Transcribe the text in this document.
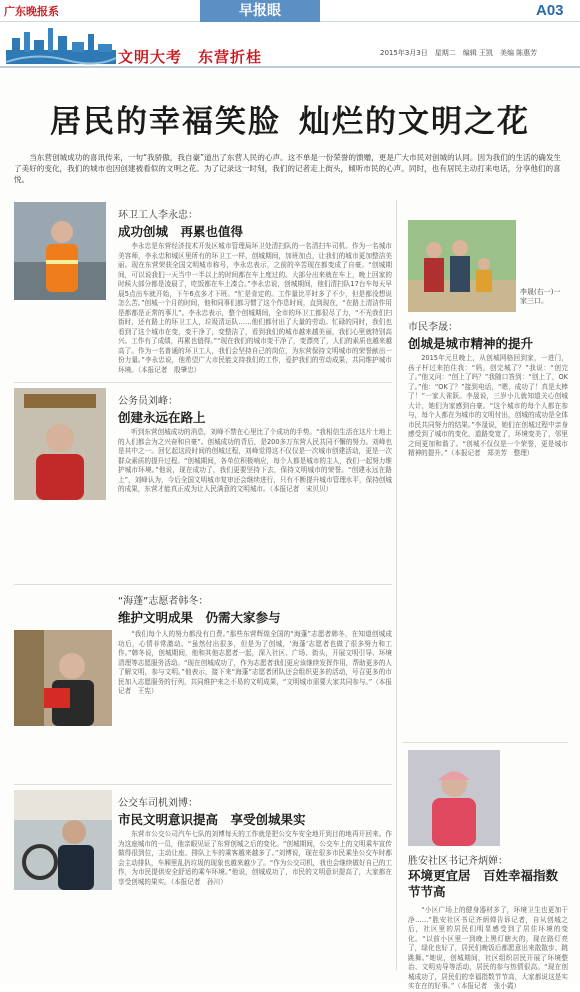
广东晚报系	早报眼	A03
文明大考　东营折桂	2015年3月3日　星期二　编辑 王凯　美编 陈惠芳
居民的幸福笑脸 灿烂的文明之花
当东营创城成功的喜讯传来，一句“我骄傲，我自豪”道出了东营人民的心声。这不单是一份荣誉的馈赠，更是广大市民对创城的认同。因为我们的生活的确发生了美好的变化，我们的城市也因创建被看似的文明之花。为了记录这一时刻，我们的记者走上街头，倾听市民的心声。同时，也有居民主动打来电话，分享他们的喜悦。
环卫工人李永忠：
成功创城　再累也值得
李永忠是东营经济技术开发区城市管理局环卫处清扫队的一名清扫车司机。作为一名城市美容师，李永忠和城区里所有的环卫工一样，创城期间，加班加点，让我们的城市更加整洁美丽。现在东营荣获全国文明城市称号，李永忠表示，之前的辛苦现在都变成了自豪。“创城期间，可以说我们一天当中一半以上的时间都在车上度过的。大部分出来就在车上，晚上回家的时候大部分都是凌晨了，吃饭都在车上凑合。”李永忠说，创城期间，他们清扫队17台车每天早晨5点出车就开始，下午6点多才下班。“忙是肯定的。工作量比平时多了不少，但是都没想说怎么苦。”创城一个月的时间，他和同事们都习惯了这个作息时间，直到现在，“在路上清洁作用是都都是正常的事儿”。李永忠表示，整个创城期间，全市的环卫工都很尽了力，“不光我们扫街时，还有路上的环卫工人，垃圾清运队……他们都付出了大量的劳动。忙碌的同时，我们也看到了这个城市在变，变干净了，变整洁了，看到我们的城市越来越美丽，我们心里就特别高兴。工作有了成绩，再累也值得。”“现在我们的城市变干净了，变漂亮了，人们的素质也越来越高了。作为一名普通的环卫工人，我们会坚持自己的岗位，为东营保持文明城市的荣誉献出一份力量。”李永忠说，他希望广大市民能支持我们的工作，爱护我们的劳动成果，共同维护城市环境。（本报记者　殷肇忠）
公务员刘峰：
创建永远在路上
听到东营创城成功的消息，刘峰不禁在心里比了个成功的手势。“我相信生活在这片土地上的人们都会为之兴奋和自豪”。创城成功的背后，是200多万东营人民共同不懈的努力。刘峰也是其中之一。回忆起这段时间的创城过程，刘峰觉得这不仅仅是一次城市创建活动，更是一次群众素质的提升过程。“创城期间，各单位积极响应，每个人都是城市的主人，我们一起努力维护城市环境。”他说，现在成功了，我们更要坚持下去，保持文明城市的荣誉。“创建永远在路上”，刘峰认为，今后全国文明城市复审还会继续进行，只有不断提升城市管理水平，保持创城的成果，东营才能真正成为让人民满意的文明城市。（本报记者　宋贝贝）
“海蓬”志愿者韩冬：
维护文明成果　仍需大家参与
“我们每个人的努力都没有白费。”那些东营辉煌全国的“海蓬”志愿者韩冬，在知道创城成功后，心情非常激动。“虽然付出很多，但是为了创城，‘海蓬’志愿者也做了很多努力和工作。”韩冬说，创城期间，他和其他志愿者一起，深入社区、广场、街头，开展文明引导、环境清理等志愿服务活动。“现在创城成功了，作为志愿者我们更应该继续发挥作用，帮助更多的人了解文明，参与文明。”他表示，接下来“海蓬”志愿者团队还会组织更多的活动，号召更多的市民加入志愿服务的行列，共同维护来之不易的文明成果，“文明城市需要大家共同参与。”（本报记者　王宪）
公交车司机刘博：
市民文明意识提高　享受创城果实
东营市公交公司汽车七队的刘博每天的工作就是把公交车安全地开到目的地再开回来。作为这座城市的一员，他亲眼见证了东营创城之后的变化。“创城期间，公交车上的文明乘车宣传做得很到位，主动让座、排队上车的乘客越来越多了。”刘博说，现在很多市民乘坐公交车时都会主动排队，车厢里乱扔垃圾的现象也越来越少了。“作为公交司机，我也会继续做好自己的工作，为市民提供安全舒适的乘车环境。”他说，创城成功了，市民的文明意识提高了，大家都在享受创城的果实。（本报记者　孙川）
李晟(右一)一家三口。
市民李晟：
创城是城市精神的提升
2015年元旦晚上，从创城网格回到家，一进门，孩子杆过来拍住我：“妈，创完城了？”我说：“创完了。”他又问：“创上了吗？”我随口答到：“创上了，OK了。”他：“OK了？”接到电话，“嗯，成功了！真是太棒了！”一家人雀跃。李晟说，三岁小儿就知道关心创城大计，她们为家感到自豪。“这个城市的每个人都在参与，每个人都在为城市的文明付出，创城的成功是全体市民共同努力的结果。”李晟说，她们在创城过程中亲身感受到了城市的变化，道路变宽了，环境变美了，邻里之间更加和谐了。“创城不仅仅是一个荣誉，更是城市精神的提升。”（本报记者　郑美芳　整理）
胜安社区书记齐炳婵：
环境更宜居　百姓幸福指数节节高
“小区广场上的健身器材多了，环境卫生也更加干净……”胜安社区书记齐炳婵告诉记者，自从创城之后，社区里的居民们明显感受到了居住环境的变化。“以前小区里一到晚上黑灯瞎火的，现在路灯亮了，绿化也好了，居民们晚饭后都愿意出来散散步、跳跳舞。”她说，创城期间，社区组织居民开展了环境整治、文明劝导等活动，居民的参与热情很高。“现在创城成功了，居民们的幸福指数节节高，大家都说这是实实在在的好事。”（本报记者　张小霞）
